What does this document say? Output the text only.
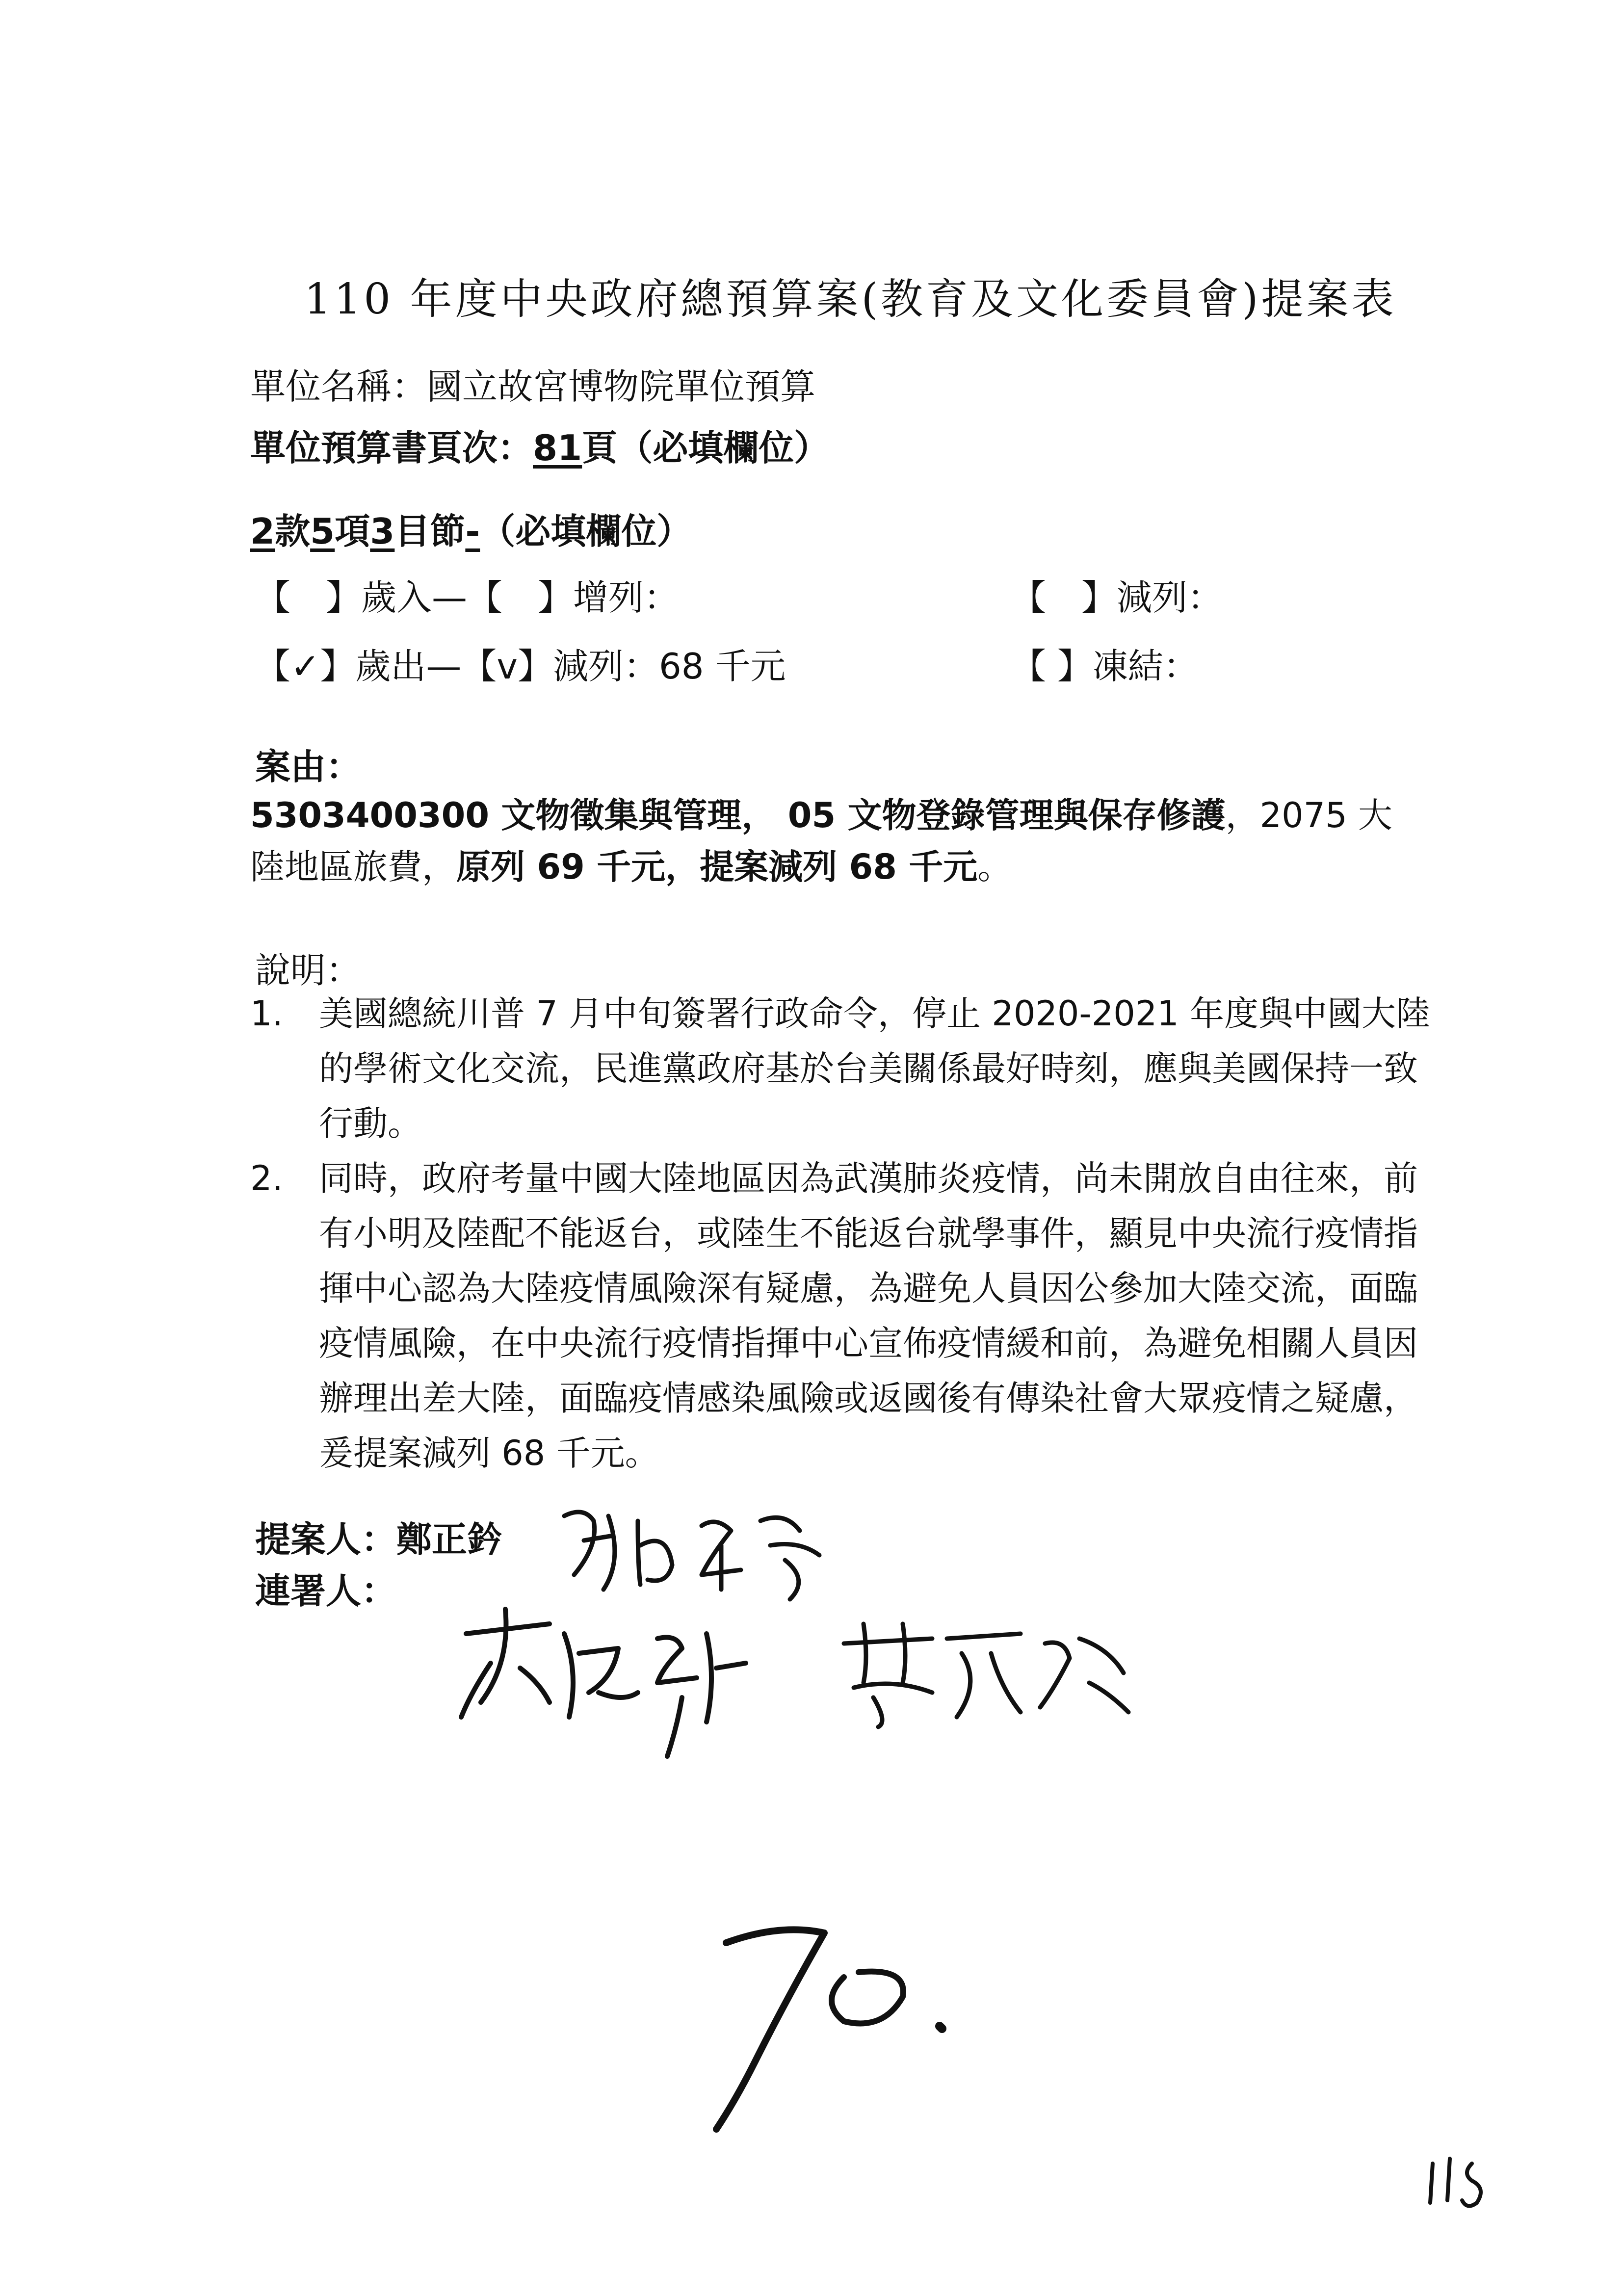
110 年度中央政府總預算案(教育及文化委員會)提案表
單位名稱：國立故宮博物院單位預算
單位預算書頁次：81頁（必填欄位）
2款5項3目節-（必填欄位）
【　】歲入—【　】增列：	【　】減列：
【✓】歲出—【v】減列：68 千元	【 】凍結：
案由：
5303400300 文物徵集與管理， 05 文物登錄管理與保存修護，2075 大
陸地區旅費，原列 69 千元，提案減列 68 千元。
說明：
1. 美國總統川普 7 月中旬簽署行政命令，停止 2020-2021 年度與中國大陸的學術文化交流，民進黨政府基於台美關係最好時刻，應與美國保持一致行動。
2. 同時，政府考量中國大陸地區因為武漢肺炎疫情，尚未開放自由往來，前有小明及陸配不能返台，或陸生不能返台就學事件，顯見中央流行疫情指揮中心認為大陸疫情風險深有疑慮，為避免人員因公參加大陸交流，面臨疫情風險，在中央流行疫情指揮中心宣佈疫情緩和前，為避免相關人員因辦理出差大陸，面臨疫情感染風險或返國後有傳染社會大眾疫情之疑慮，爰提案減列 68 千元。
提案人：鄭正鈐
連署人：
